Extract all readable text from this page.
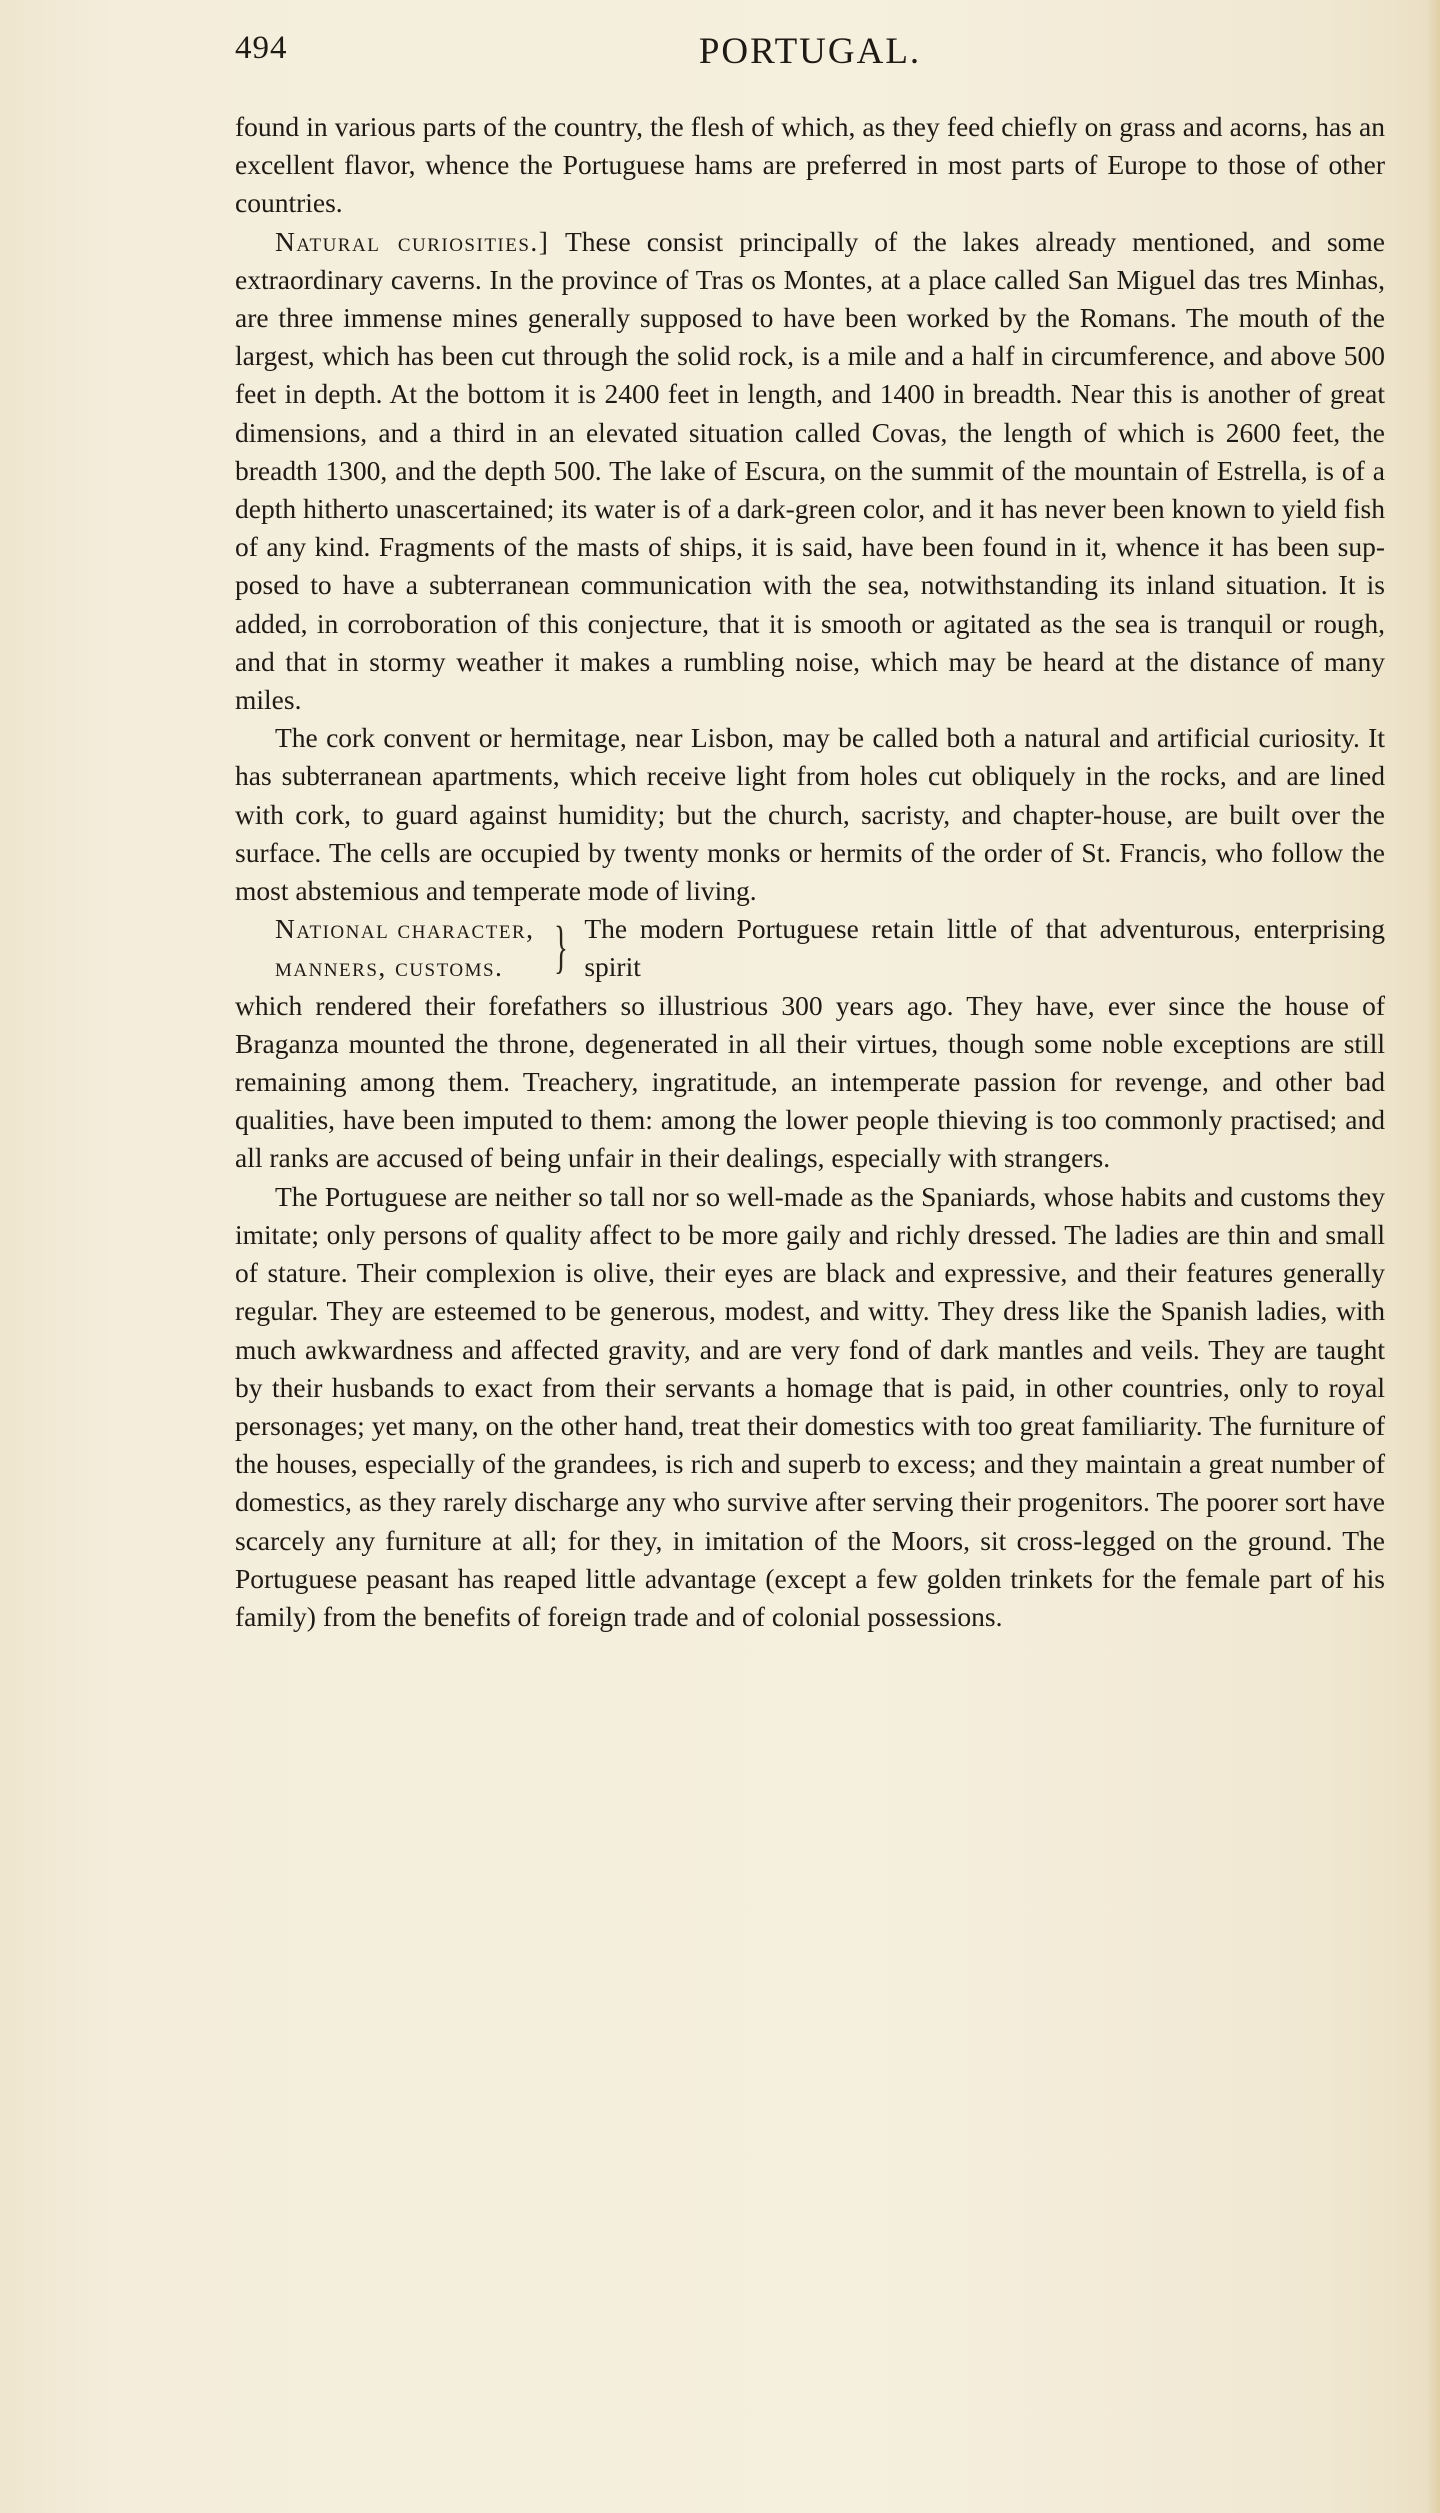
494	PORTUGAL.

found in various parts of the country, the flesh of which, as they feed chiefly on grass and acorns, has an excellent flavor, whence the Portuguese hams are preferred in most parts of Europe to those of other countries.

Natural curiosities.] These consist principally of the lakes already mentioned, and some extraordinary caverns. In the province of Tras os Montes, at a place called San Miguel das tres Minhas, are three immense mines generally supposed to have been worked by the Romans. The mouth of the largest, which has been cut through the solid rock, is a mile and a half in circumference, and above 500 feet in depth. At the bottom it is 2400 feet in length, and 1400 in breadth. Near this is another of great dimensions, and a third in an elevated situation called Covas, the length of which is 2600 feet, the breadth 1300, and the depth 500. The lake of Escura, on the summit of the mountain of Estrella, is of a depth hitherto unascertained; its water is of a dark-green color, and it has never been known to yield fish of any kind. Fragments of the masts of ships, it is said, have been found in it, whence it has been supposed to have a subterranean communication with the sea, notwithstanding its inland situation. It is added, in corroboration of this conjecture, that it is smooth or agitated as the sea is tranquil or rough, and that in stormy weather it makes a rumbling noise, which may be heard at the distance of many miles.

The cork convent or hermitage, near Lisbon, may be called both a natural and artificial curiosity. It has subterranean apartments, which receive light from holes cut obliquely in the rocks, and are lined with cork, to guard against humidity; but the church, sacristy, and chapter-house, are built over the surface. The cells are occupied by twenty monks or hermits of the order of St. Francis, who follow the most abstemious and temperate mode of living.

National character,
manners, customs. } The modern Portuguese retain little of that adventurous, enterprising spirit

which rendered their forefathers so illustrious 300 years ago. They have, ever since the house of Braganza mounted the throne, degenerated in all their virtues, though some noble exceptions are still remaining among them. Treachery, ingratitude, an intemperate passion for revenge, and other bad qualities, have been imputed to them: among the lower people thieving is too commonly practised; and all ranks are accused of being unfair in their dealings, especially with strangers.

The Portuguese are neither so tall nor so well-made as the Spaniards, whose habits and customs they imitate; only persons of quality affect to be more gaily and richly dressed. The ladies are thin and small of stature. Their complexion is olive, their eyes are black and expressive, and their features generally regular. They are esteemed to be generous, modest, and witty. They dress like the Spanish ladies, with much awkwardness and affected gravity, and are very fond of dark mantles and veils. They are taught by their husbands to exact from their servants a homage that is paid, in other countries, only to royal personages; yet many, on the other hand, treat their domestics with too great familiarity. The furniture of the houses, especially of the grandees, is rich and superb to excess; and they maintain a great number of domestics, as they rarely discharge any who survive after serving their progenitors. The poorer sort have scarcely any furniture at all; for they, in imitation of the Moors, sit cross-legged on the ground. The Portuguese peasant has reaped little advantage (except a few golden trinkets for the female part of his family) from the benefits of foreign trade and of colonial possessions.
